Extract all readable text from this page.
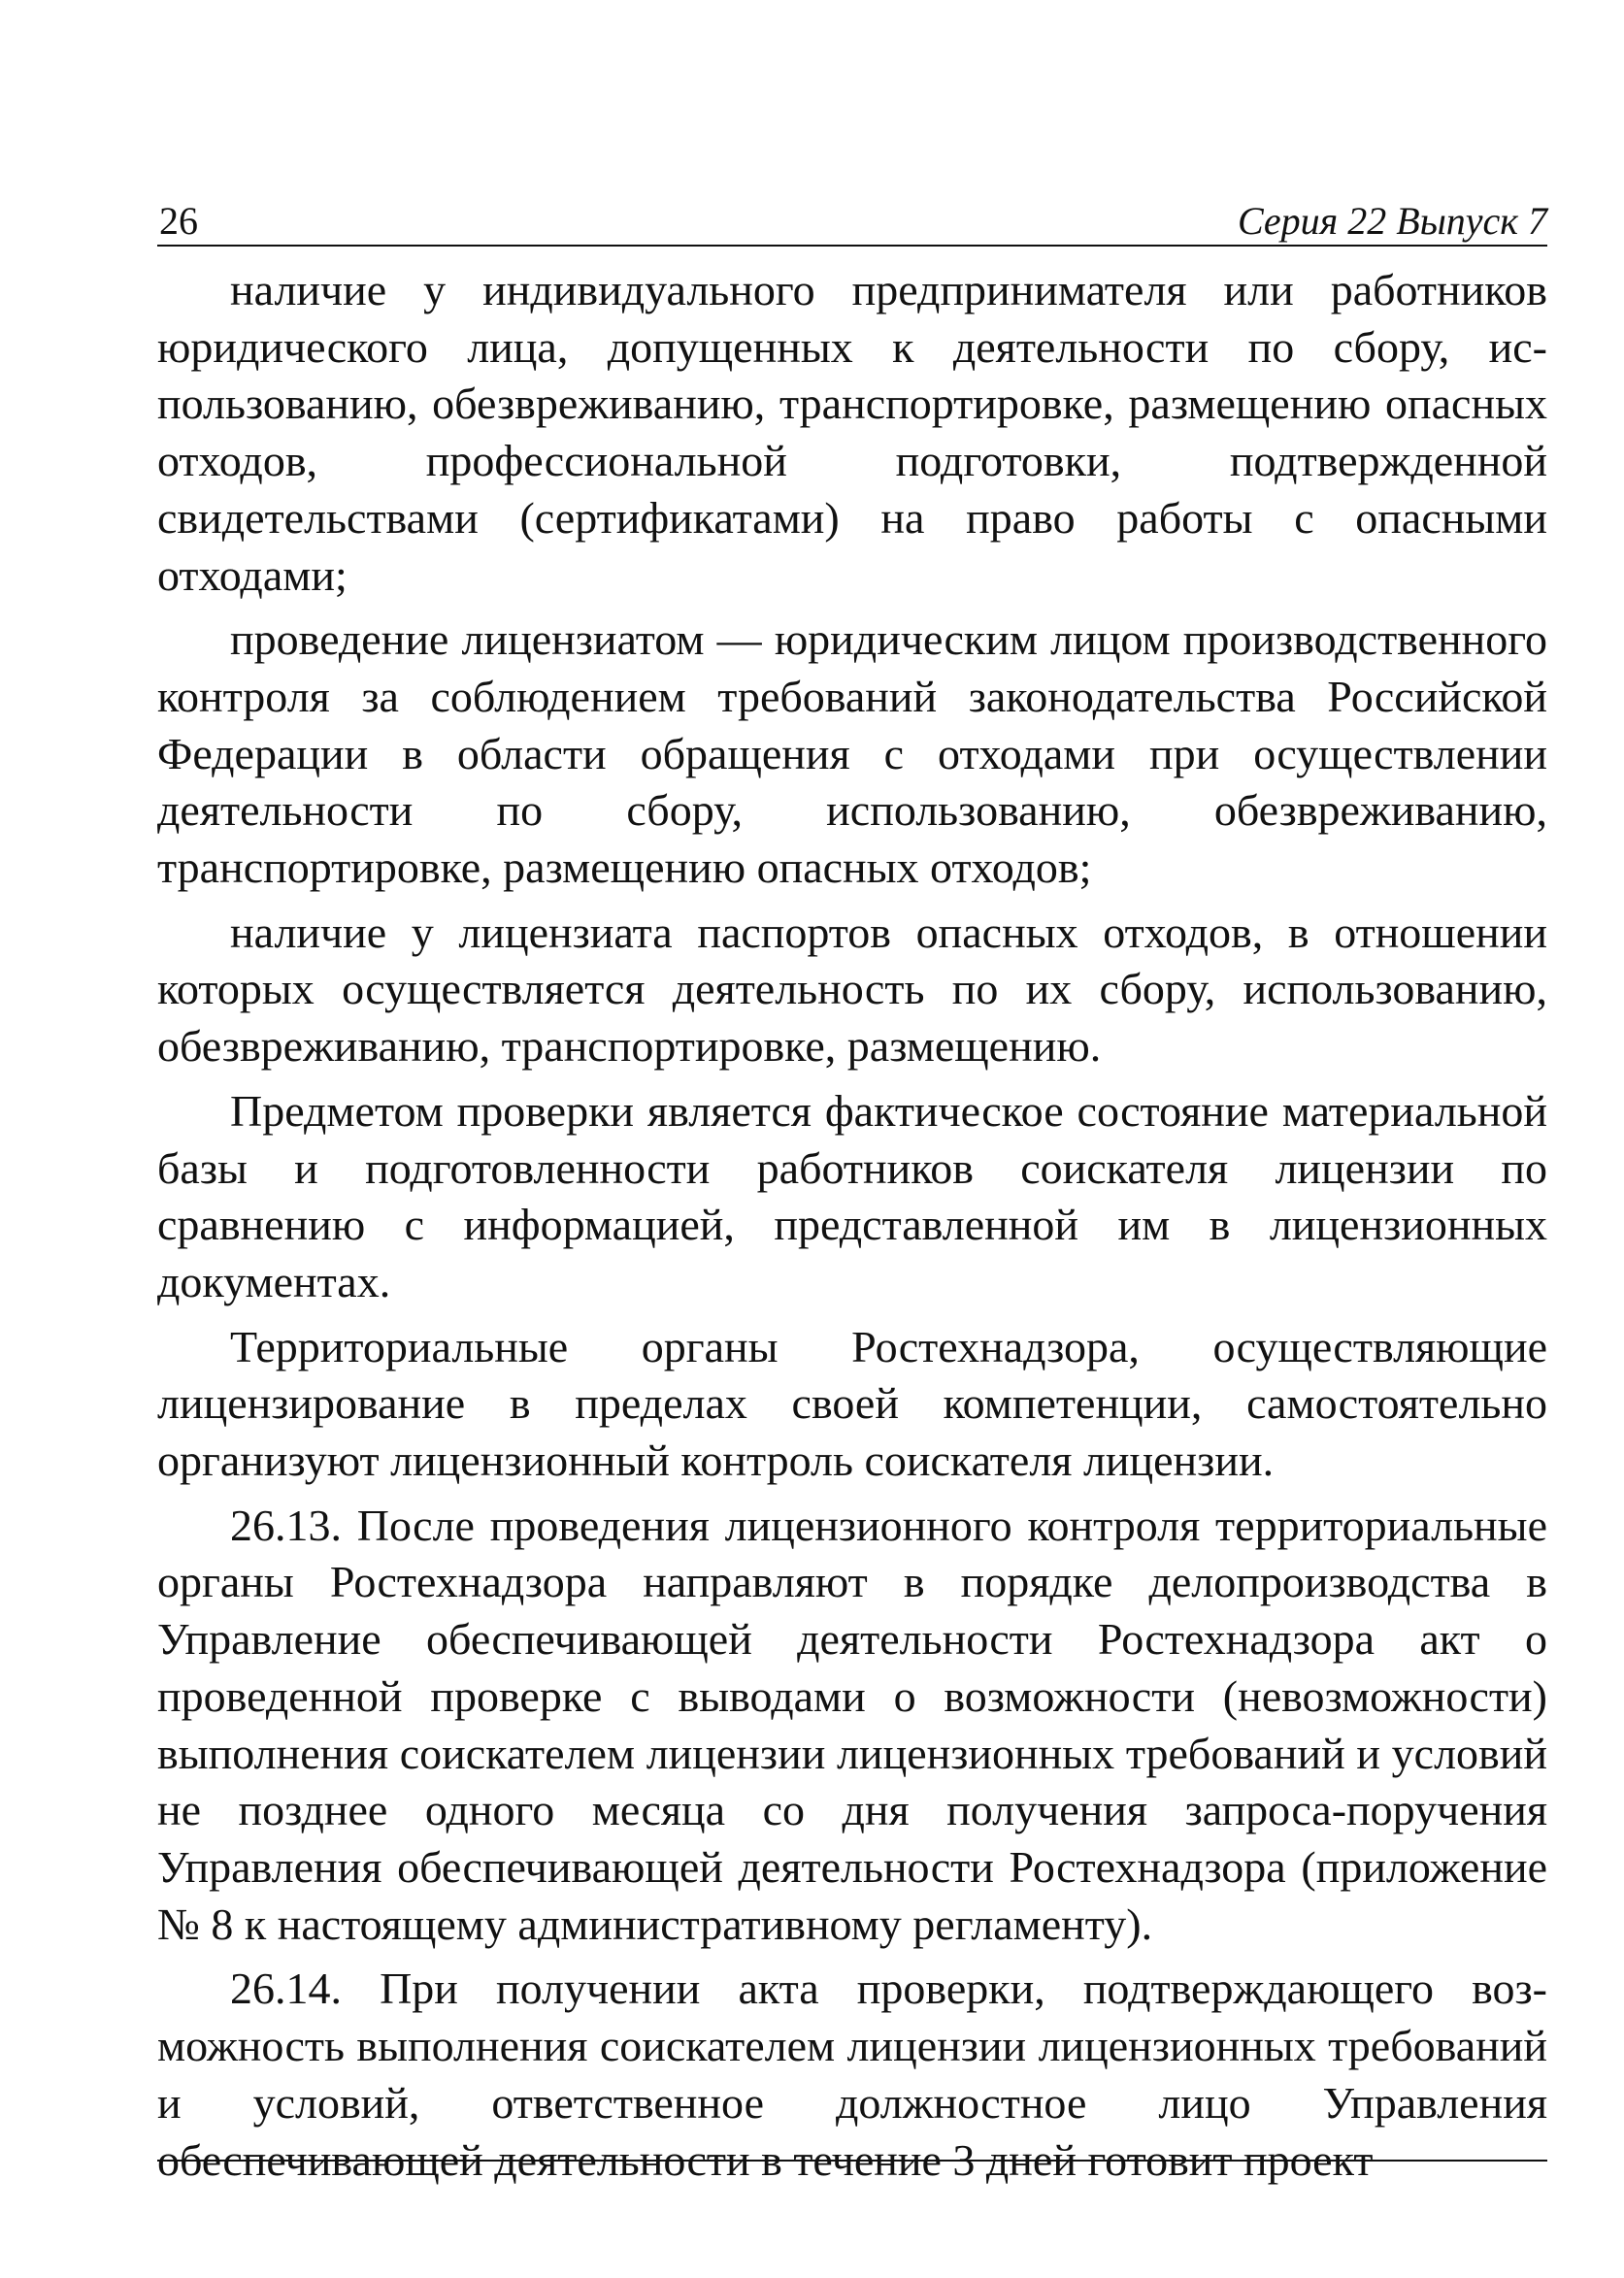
26	Серия 22 Выпуск 7

наличие у индивидуального предпринимателя или работников юридического лица, допущенных к деятельности по сбору, использованию, обезвреживанию, транспортировке, размещению опасных отходов, профессиональной подготовки, подтвержденной свидетельствами (сертификатами) на право работы с опасными отходами;

проведение лицензиатом — юридическим лицом производственного контроля за соблюдением требований законодательства Российской Федерации в области обращения с отходами при осуществлении деятельности по сбору, использованию, обезвреживанию, транспортировке, размещению опасных отходов;

наличие у лицензиата паспортов опасных отходов, в отношении которых осуществляется деятельность по их сбору, использованию, обезвреживанию, транспортировке, размещению.

Предметом проверки является фактическое состояние материальной базы и подготовленности работников соискателя лицензии по сравнению с информацией, представленной им в лицензионных документах.

Территориальные органы Ростехнадзора, осуществляющие лицензирование в пределах своей компетенции, самостоятельно организуют лицензионный контроль соискателя лицензии.

26.13. После проведения лицензионного контроля территориальные органы Ростехнадзора направляют в порядке делопроизводства в Управление обеспечивающей деятельности Ростехнадзора акт о проведенной проверке с выводами о возможности (невозможности) выполнения соискателем лицензии лицензионных требований и условий не позднее одного месяца со дня получения запроса-поручения Управления обеспечивающей деятельности Ростехнадзора (приложение № 8 к настоящему административному регламенту).

26.14. При получении акта проверки, подтверждающего возможность выполнения соискателем лицензии лицензионных требований и условий, ответственное должностное лицо Управления обеспечивающей деятельности в течение 3 дней готовит проект
